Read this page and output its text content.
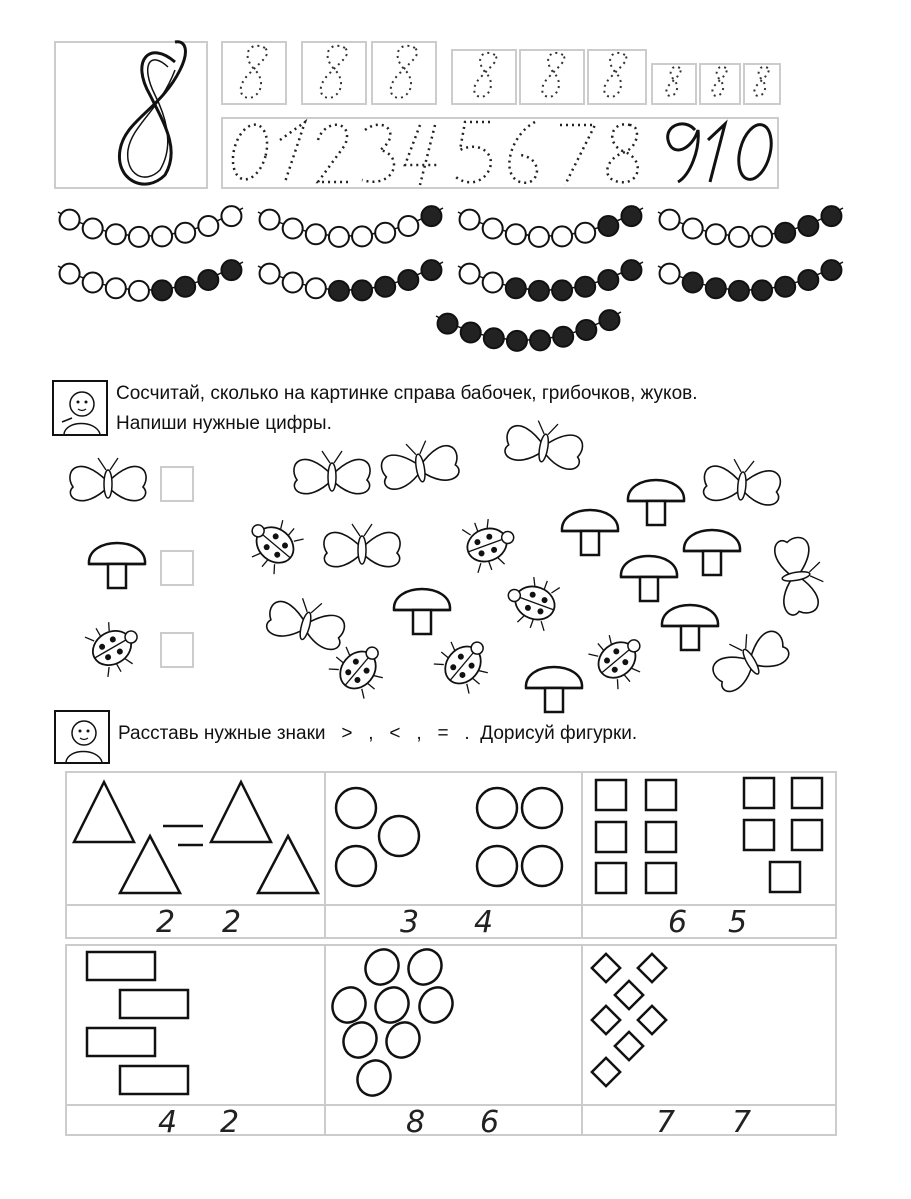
Сосчитай, сколько на картинке справа бабочек, грибочков, жуков.
Напиши нужные цифры.
Расставь нужные знаки   >   ,   <   ,   =   .  Дорисуй фигурки.
2 2	3 4	6 5
4 2	8 6	7 7
